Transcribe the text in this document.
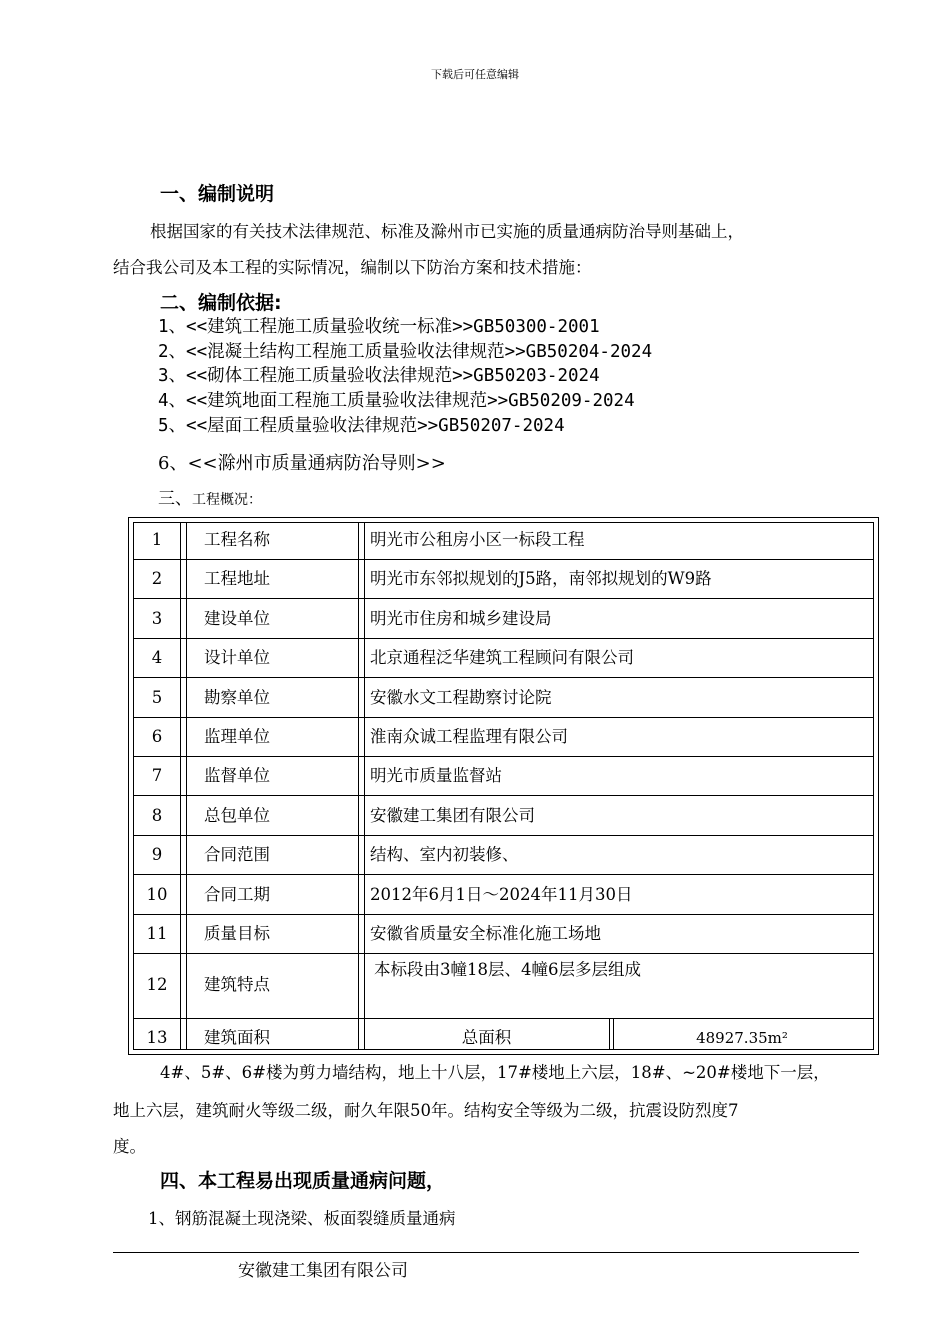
下载后可任意编辑
一、编制说明
根据国家的有关技术法律规范、标准及滁州市已实施的质量通病防治导则基础上，
结合我公司及本工程的实际情况，编制以下防治方案和技术措施：
二、编制依据:
1、<<建筑工程施工质量验收统一标准>>GB50300-2001
2、<<混凝土结构工程施工质量验收法律规范>>GB50204-2024
3、<<砌体工程施工质量验收法律规范>>GB50203-2024
4、<<建筑地面工程施工质量验收法律规范>>GB50209-2024
5、<<屋面工程质量验收法律规范>>GB50207-2024
6、<<滁州市质量通病防治导则>>
三、工程概况：
1	工程名称	明光市公租房小区一标段工程
2	工程地址	明光市东邻拟规划的J5路，南邻拟规划的W9路
3	建设单位	明光市住房和城乡建设局
4	设计单位	北京通程泛华建筑工程顾问有限公司
5	勘察单位	安徽水文工程勘察讨论院
6	监理单位	淮南众诚工程监理有限公司
7	监督单位	明光市质量监督站
8	总包单位	安徽建工集团有限公司
9	合同范围	结构、室内初装修、
10	合同工期	2012年6月1日～2024年11月30日
11	质量目标	安徽省质量安全标准化施工场地
12	建筑特点
本标段由3幢18层、4幢6层多层组成
13	建筑面积	总面积	48927.35m²
4#、5#、6#楼为剪力墙结构，地上十八层，17#楼地上六层，18#、~20#楼地下一层，
地上六层，建筑耐火等级二级，耐久年限50年。结构安全等级为二级，抗震设防烈度7
度。
四、本工程易出现质量通病问题，
1、钢筋混凝土现浇梁、板面裂缝质量通病
安徽建工集团有限公司
